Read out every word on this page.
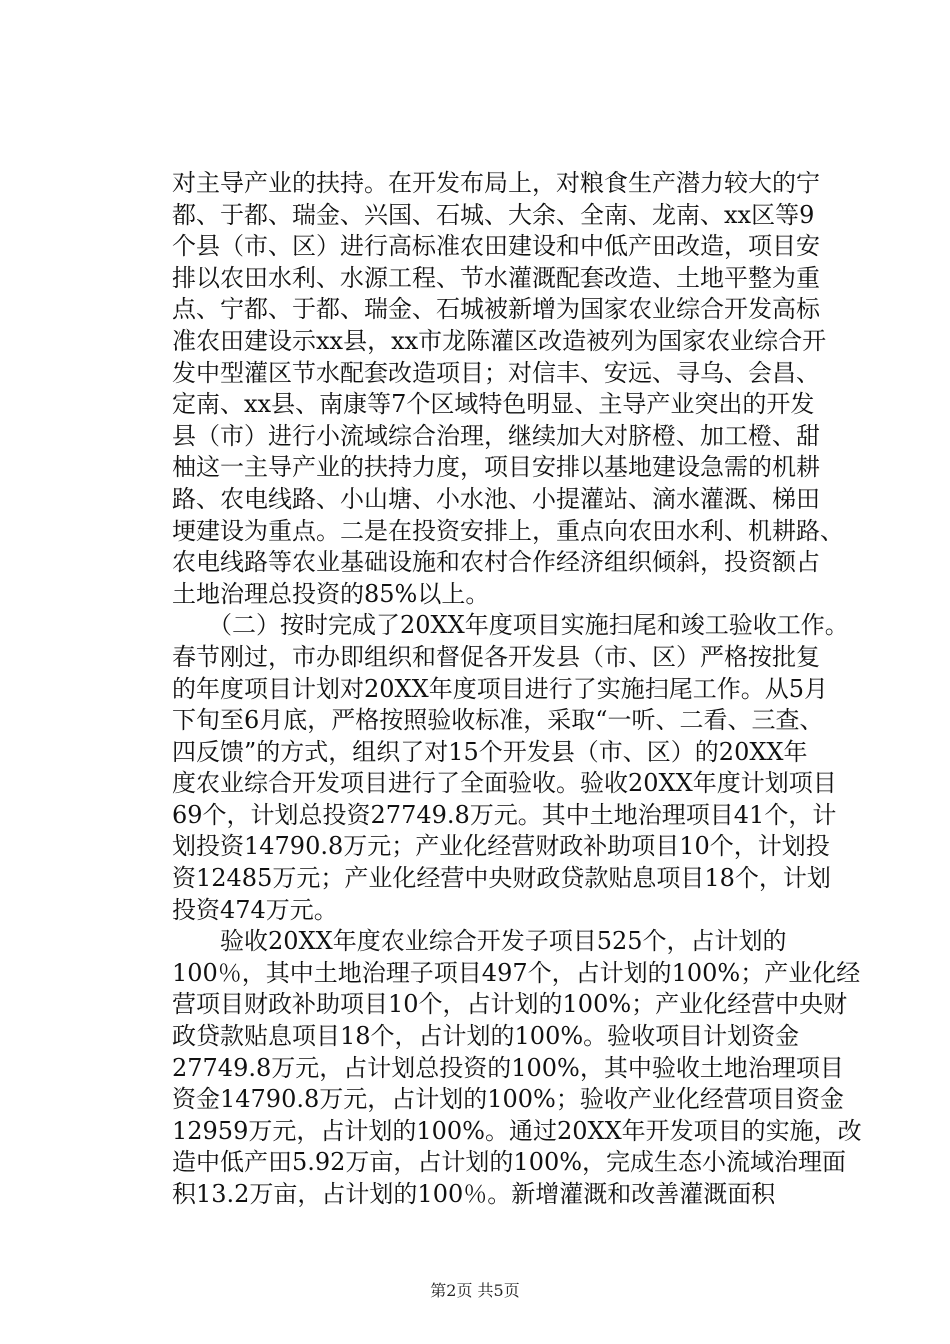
对主导产业的扶持。在开发布局上，对粮食生产潜力较大的宁
都、于都、瑞金、兴国、石城、大余、全南、龙南、xx区等9
个县（市、区）进行高标准农田建设和中低产田改造，项目安
排以农田水利、水源工程、节水灌溉配套改造、土地平整为重
点、宁都、于都、瑞金、石城被新增为国家农业综合开发高标
准农田建设示xx县，xx市龙陈灌区改造被列为国家农业综合开
发中型灌区节水配套改造项目；对信丰、安远、寻乌、会昌、
定南、xx县、南康等7个区域特色明显、主导产业突出的开发
县（市）进行小流域综合治理，继续加大对脐橙、加工橙、甜
柚这一主导产业的扶持力度，项目安排以基地建设急需的机耕
路、农电线路、小山塘、小水池、小提灌站、滴水灌溉、梯田
埂建设为重点。二是在投资安排上，重点向农田水利、机耕路、
农电线路等农业基础设施和农村合作经济组织倾斜，投资额占
土地治理总投资的85%以上。
　　（二）按时完成了20XX年度项目实施扫尾和竣工验收工作。
春节刚过，市办即组织和督促各开发县（市、区）严格按批复
的年度项目计划对20XX年度项目进行了实施扫尾工作。从5月
下旬至6月底，严格按照验收标准，采取“一听、二看、三查、
四反馈”的方式，组织了对15个开发县（市、区）的20XX年
度农业综合开发项目进行了全面验收。验收20XX年度计划项目
69个，计划总投资27749.8万元。其中土地治理项目41个，计
划投资14790.8万元；产业化经营财政补助项目10个，计划投
资12485万元；产业化经营中央财政贷款贴息项目18个，计划
投资474万元。
　　验收20XX年度农业综合开发子项目525个，占计划的
100％，其中土地治理子项目497个，占计划的100%；产业化经
营项目财政补助项目10个，占计划的100%；产业化经营中央财
政贷款贴息项目18个，占计划的100%。验收项目计划资金
27749.8万元，占计划总投资的100%，其中验收土地治理项目
资金14790.8万元，占计划的100%；验收产业化经营项目资金
12959万元，占计划的100%。通过20XX年开发项目的实施，改
造中低产田5.92万亩，占计划的100%，完成生态小流域治理面
积13.2万亩，占计划的100％。新增灌溉和改善灌溉面积
第2页 共5页
